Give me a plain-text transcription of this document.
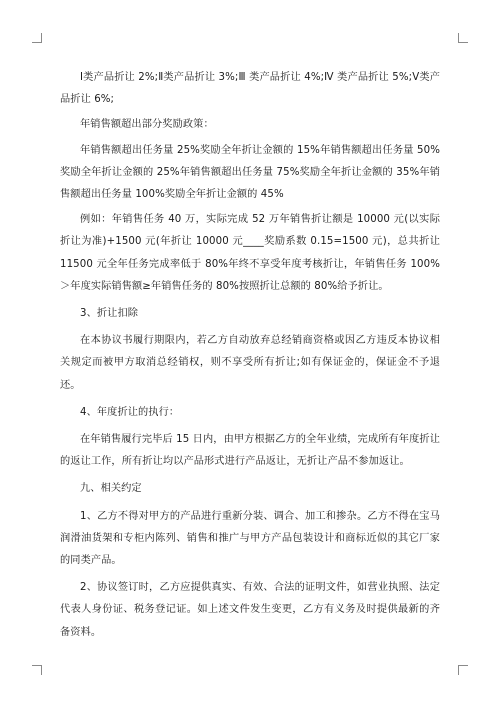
I类产品折让 2%;Ⅱ类产品折让 3%;Ⅲ 类产品折让 4%;Ⅳ 类产品折让 5%;Ⅴ类产品折让 6%;

年销售额超出部分奖励政策：

年销售额超出任务量 25%奖励全年折让金额的 15%年销售额超出任务量 50%奖励全年折让金额的 25%年销售额超出任务量 75%奖励全年折让金额的 35%年销售额超出任务量 100%奖励全年折让金额的 45%

例如：年销售任务 40 万，实际完成 52 万年销售折让额是 10000 元(以实际折让为准)+1500 元(年折让 10000 元____奖励系数 0.15=1500 元)，总共折让 11500 元全年任务完成率低于 80%年终不享受年度考核折让，年销售任务 100%＞年度实际销售额≥年销售任务的 80%按照折让总额的 80%给予折让。

3、折让扣除

在本协议书履行期限内，若乙方自动放弃总经销商资格或因乙方违反本协议相关规定而被甲方取消总经销权，则不享受所有折让;如有保证金的，保证金不予退还。

4、年度折让的执行：

在年销售履行完毕后 15 日内，由甲方根据乙方的全年业绩，完成所有年度折让的返让工作，所有折让均以产品形式进行产品返让，无折让产品不参加返让。

九、相关约定

1、乙方不得对甲方的产品进行重新分装、调合、加工和掺杂。乙方不得在宝马润滑油货架和专柜内陈列、销售和推广与甲方产品包装设计和商标近似的其它厂家的同类产品。

2、协议签订时，乙方应提供真实、有效、合法的证明文件，如营业执照、法定代表人身份证、税务登记证。如上述文件发生变更，乙方有义务及时提供最新的齐备资料。
